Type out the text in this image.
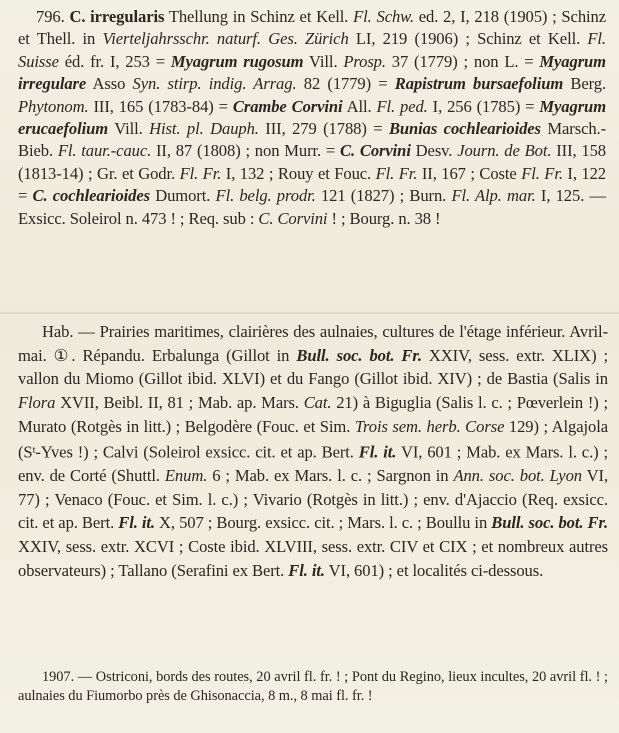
796. C. irregularis Thellung in Schinz et Kell. Fl. Schw. ed. 2, I, 218 (1905) ; Schinz et Thell. in Vierteljahrsschr. naturf. Ges. Zürich LI, 219 (1906) ; Schinz et Kell. Fl. Suisse éd. fr. I, 253 = Myagrum rugosum Vill. Prosp. 37 (1779) ; non L. = Myagrum irregulare Asso Syn. stirp. indig. Arrag. 82 (1779) = Rapistrum bursaefolium Berg. Phytonom. III, 165 (1783-84) = Crambe Corvini All. Fl. ped. I, 256 (1785) = Myagrum erucaefolium Vill. Hist. pl. Dauph. III, 279 (1788) = Bunias cochlearioides Marsch.-Bieb. Fl. taur.-cauc. II, 87 (1808) ; non Murr. = C. Corvini Desv. Journ. de Bot. III, 158 (1813-14) ; Gr. et Godr. Fl. Fr. I, 132 ; Rouy et Fouc. Fl. Fr. II, 167 ; Coste Fl. Fr. I, 122 = C. cochlearioides Dumort. Fl. belg. prodr. 121 (1827) ; Burn. Fl. Alp. mar. I, 125. — Exsicc. Soleirol n. 473 ! ; Req. sub : C. Corvini ! ; Bourg. n. 38 !
Hab. — Prairies maritimes, clairières des aulnaies, cultures de l'étage inférieur. Avril-mai. ①. Répandu. Erbalunga (Gillot in Bull. soc. bot. Fr. XXIV, sess. extr. XLIX) ; vallon du Miomo (Gillot ibid. XLVI) et du Fango (Gillot ibid. XIV) ; de Bastia (Salis in Flora XVII, Beibl. II, 81 ; Mab. ap. Mars. Cat. 21) à Biguglia (Salis l. c. ; Pœverlein !) ; Murato (Rotgès in litt.) ; Belgodère (Fouc. et Sim. Trois sem. herb. Corse 129) ; Algajola ($S^t$-Yves !) ; Calvi (Soleirol exsicc. cit. et ap. Bert. Fl. it. VI, 601 ; Mab. ex Mars. l. c.) ; env. de Corté (Shuttl. Enum. 6 ; Mab. ex Mars. l. c. ; Sargnon in Ann. soc. bot. Lyon VI, 77) ; Venaco (Fouc. et Sim. l. c.) ; Vivario (Rotgès in litt.) ; env. d'Ajaccio (Req. exsicc. cit. et ap. Bert. Fl. it. X, 507 ; Bourg. exsicc. cit. ; Mars. l. c. ; Boullu in Bull. soc. bot. Fr. XXIV, sess. extr. XCVI ; Coste ibid. XLVIII, sess. extr. CIV et CIX ; et nombreux autres observateurs) ; Tallano (Serafini ex Bert. Fl. it. VI, 601) ; et localités ci-dessous.
1907. — Ostriconi, bords des routes, 20 avril fl. fr. ! ; Pont du Regino, lieux incultes, 20 avril fl. ! ; aulnaies du Fiumorbo près de Ghisonaccia, 8 m., 8 mai fl. fr. !
